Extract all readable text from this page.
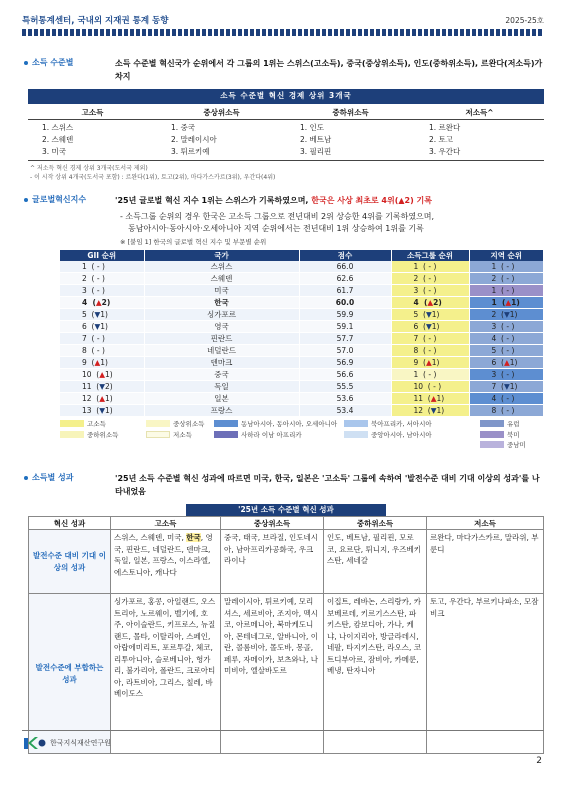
특허통계센터, 국내외 지재권 통계 동향	2025-25호
소득 수준별	소득 수준별 혁신국가 순위에서 각 그룹의 1위는 스위스(고소득), 중국(중상위소득), 인도(중하위소득), 르완다(저소득)가 차지
소득 수준별 혁신 경제 상위 3개국
고소득	중상위소득	중하위소득	저소득^
1. 스위스	1. 중국	1. 인도	1. 르완다
2. 스웨덴	2. 말레이시아	2. 베트남	2. 토고
3. 미국	3. 튀르키예	3. 필리핀	3. 우간다
^ 저소득 혁신 경제 상위 3개국(도서국 제외)
- 이 시작 상위 4개국(도서국 포함) : 르완다(1위), 토고(2위), 마다가스카르(3위), 우간다(4위)
글로벌혁신지수	'25년 글로벌 혁신 지수 1위는 스위스가 기록하였으며, 한국은 사상 최초로 4위(▲2) 기록
- 소득그룹 순위의 경우 한국은 고소득 그룹으로 전년대비 2위 상승한 4위를 기록하였으며,
동남아시아·동아시아·오세아니아 지역 순위에서는 전년대비 1위 상승하여 1위를 기록
※ [붙임 1] 한국의 글로벌 혁신 지수 및 부문별 순위
GII 순위	국가	점수	소득그룹 순위	지역 순위
1  ( - )	스위스	66.0	1  ( - )	1  ( - )
2  ( - )	스웨덴	62.6	2  ( - )	2  ( - )
3  ( - )	미국	61.7	3  ( - )	1  ( - )
4  (▲2)	한국	60.0	4  (▲2)	1  (▲1)
5  (▼1)	싱가포르	59.9	5  (▼1)	2  (▼1)
6  (▼1)	영국	59.1	6  (▼1)	3  ( - )
7  ( - )	핀란드	57.7	7  ( - )	4  ( - )
8  ( - )	네덜란드	57.0	8  ( - )	5  ( - )
9  (▲1)	덴마크	56.9	9  (▲1)	6  (▲1)
10  (▲1)	중국	56.6	1  ( - )	3  ( - )
11  (▼2)	독일	55.5	10  ( - )	7  (▼1)
12  (▲1)	일본	53.6	11  (▲1)	4  ( - )
13  (▼1)	프랑스	53.4	12  (▼1)	8  ( - )
고소득
중하위소득
중상위소득
저소득
동남아시아, 동아시아, 오세아니아
사하라 이남 아프리카
북아프리카, 서아시아
중앙아시아, 남아시아
유럽
북미
중남미
소득별 성과	'25년 소득 수준별 혁신 성과에 따르면 미국, 한국, 일본은 '고소득' 그룹에 속하여 '발전수준 대비 기대 이상의 성과'를 나타내었음
'25년 소득 수준별 혁신 성과
혁신 성과	고소득	중상위소득	중하위소득	저소득
발전수준 대비 기대 이상의 성과	스위스, 스웨덴, 미국, 한국, 영국, 핀란드, 네덜란드, 덴마크, 독일, 일본, 프랑스, 이스라엘, 에스토니아, 캐나다	중국, 태국, 브라질, 인도네시아, 남아프리카공화국, 우크라이나	인도, 베트남, 필리핀, 모로코, 요르단, 튀니지, 우즈베키스탄, 세네갈	르완다, 마다가스카르, 말라위, 부룬디
발전수준에 부합하는 성과	싱가포르, 홍콩, 아일랜드, 오스트리아, 노르웨이, 벨기에, 호주, 아이슬란드, 키프로스, 뉴질랜드, 몰타, 이탈리아, 스페인, 아랍에미리트, 포르투갈, 체코, 리투아니아, 슬로베니아, 헝가리, 불가리아, 폴란드, 크로아티아, 라트비아, 그리스, 칠레, 바베이도스	말레이시아, 튀르키예, 모리셔스, 세르비아, 조지아, 멕시코, 아르메니아, 북마케도니아, 몬테네그로, 알바니아, 이란, 콜롬비아, 몰도바, 몽골, 페루, 자메이카, 보츠와나, 나미비아, 엘살바도르	이집트, 레바논, 스리랑카, 카보베르데, 키르기스스탄, 파키스탄, 캄보디아, 가나, 케냐, 나이지리아, 방글라데시, 네팔, 타지키스탄, 라오스, 코트디부아르, 잠비아, 카메룬, 베냉, 탄자니아	토고, 우간다, 부르키나파소, 모잠비크
한국지식재산연구원
2
